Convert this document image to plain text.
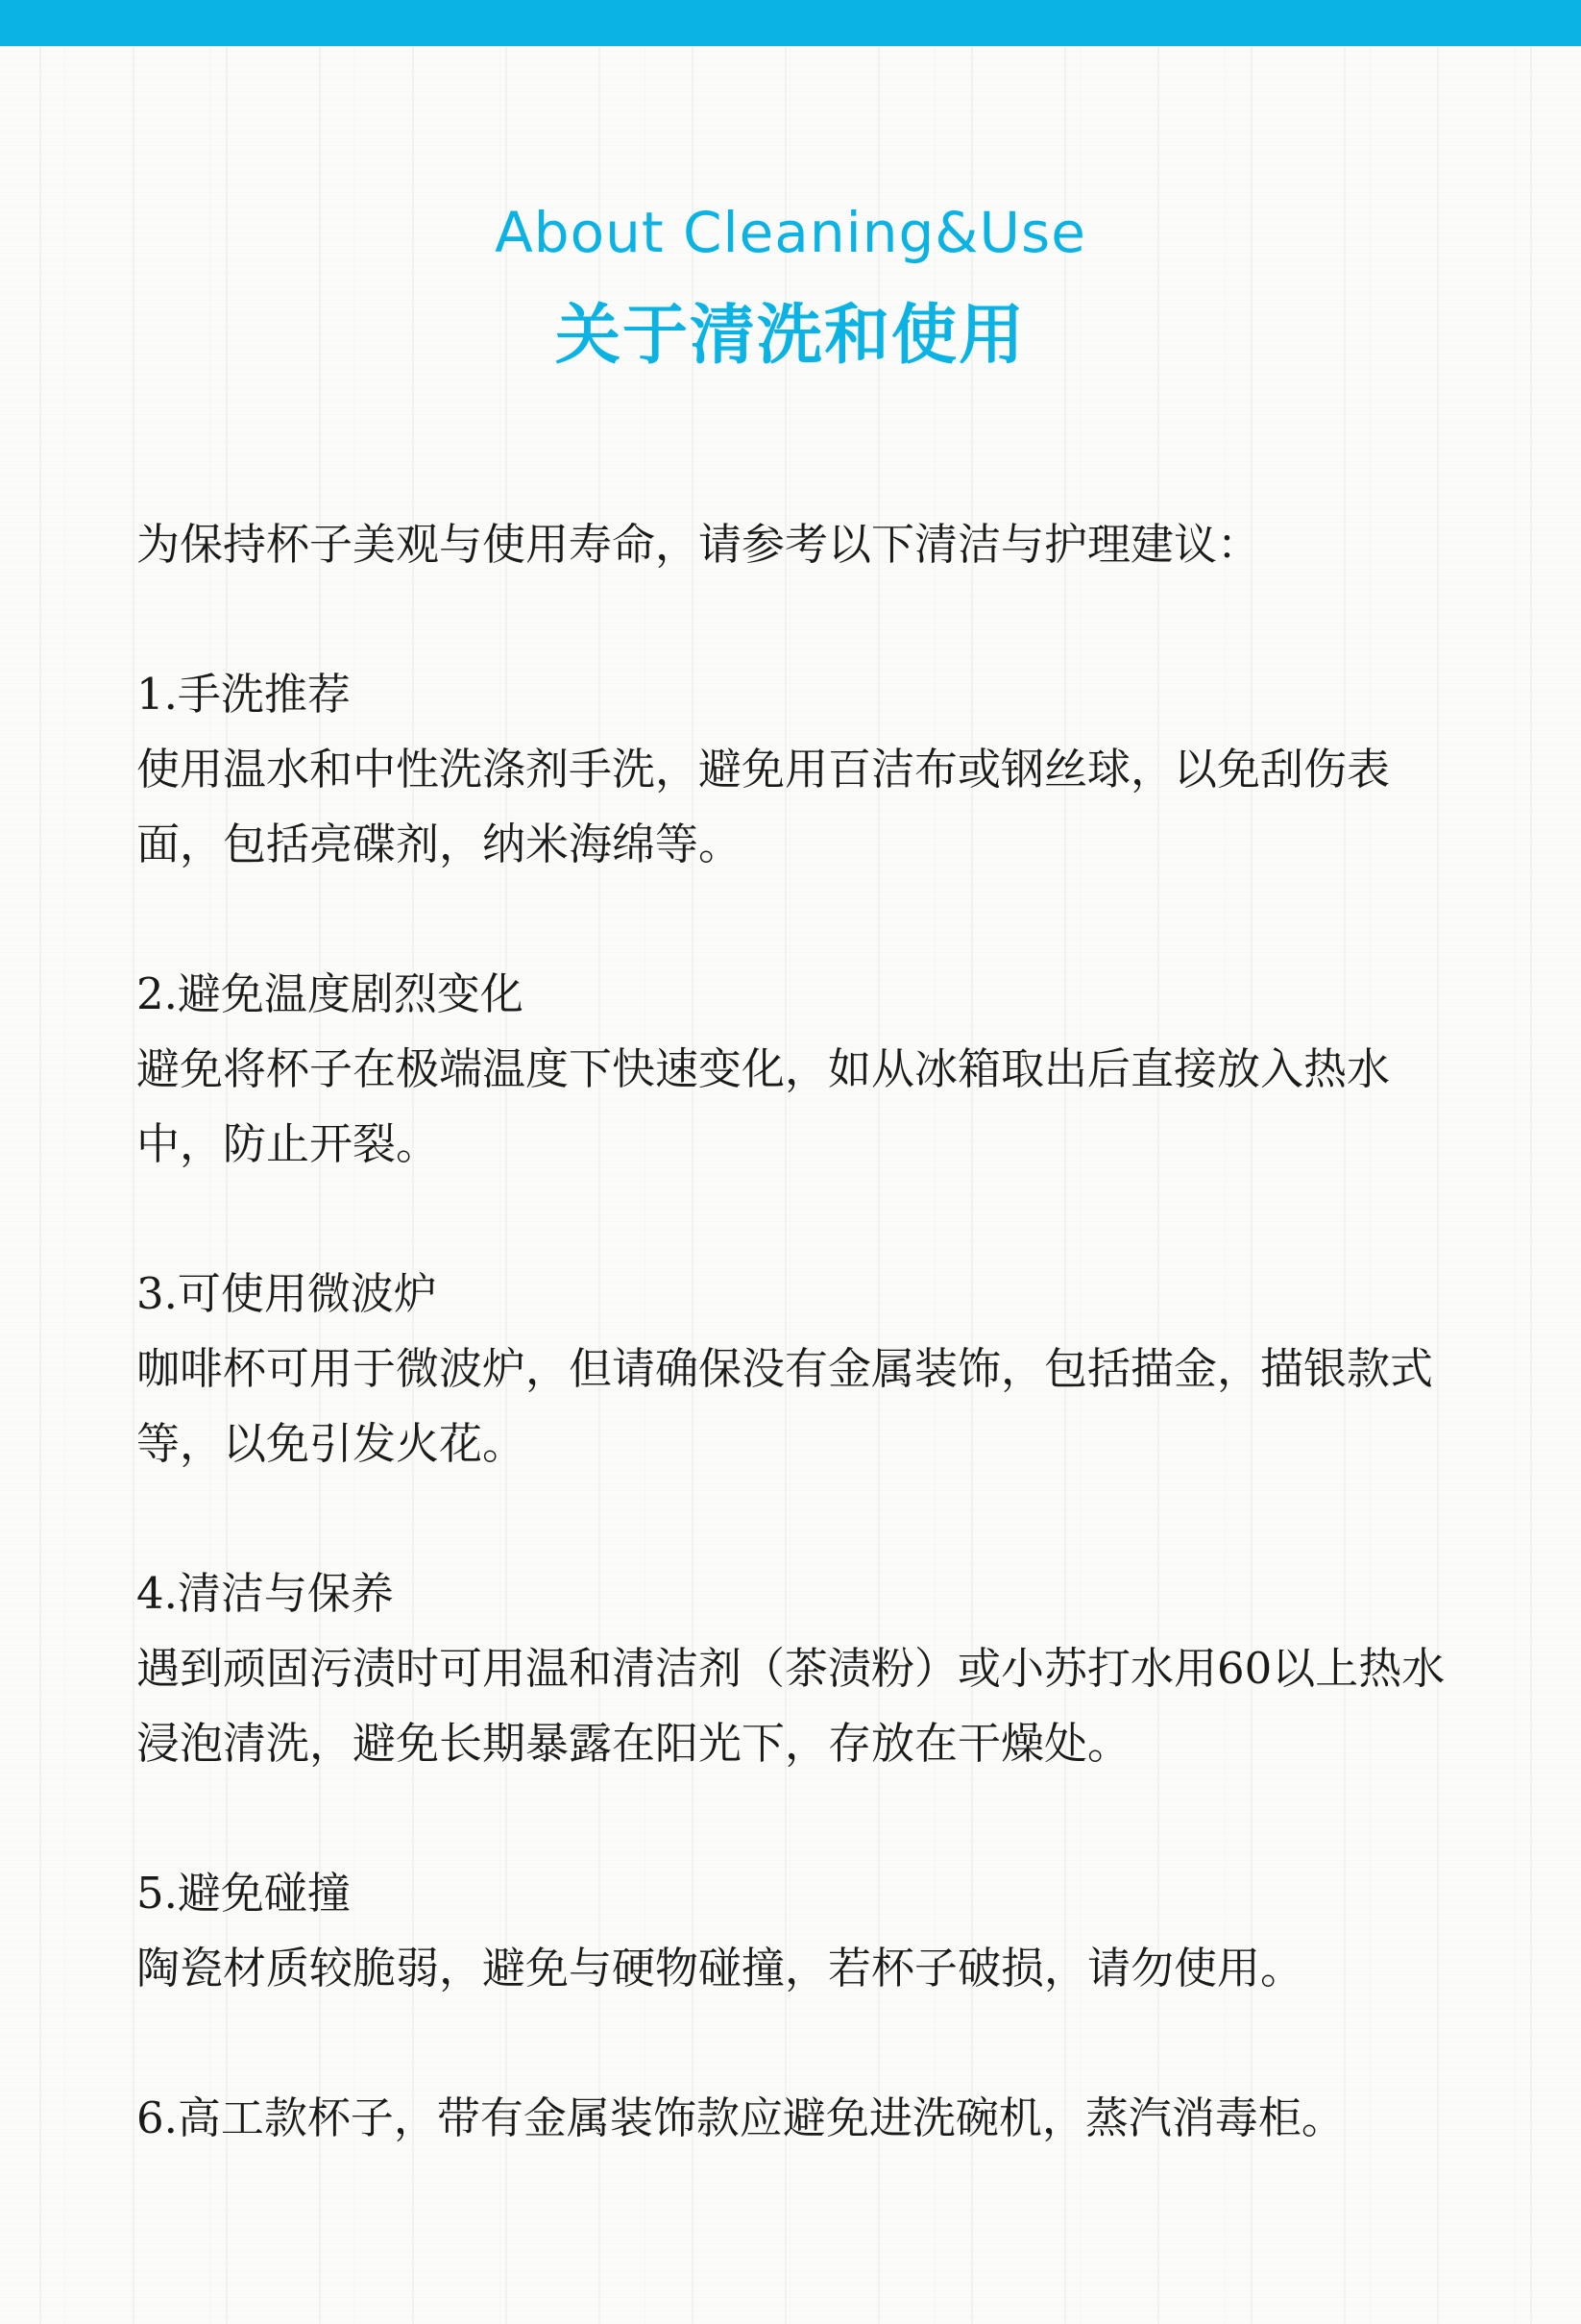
About Cleaning&Use
关于清洗和使用

为保持杯子美观与使用寿命，请参考以下清洁与护理建议：

1.手洗推荐

使用温水和中性洗涤剂手洗，避免用百洁布或钢丝球，以免刮伤表面，包括亮碟剂，纳米海绵等。

2.避免温度剧烈变化

避免将杯子在极端温度下快速变化，如从冰箱取出后直接放入热水中，防止开裂。

3.可使用微波炉

咖啡杯可用于微波炉，但请确保没有金属装饰，包括描金，描银款式等，以免引发火花。

4.清洁与保养

遇到顽固污渍时可用温和清洁剂（茶渍粉）或小苏打水用60以上热水浸泡清洗，避免长期暴露在阳光下，存放在干燥处。

5.避免碰撞

陶瓷材质较脆弱，避免与硬物碰撞，若杯子破损，请勿使用。

6.高工款杯子，带有金属装饰款应避免进洗碗机，蒸汽消毒柜。
